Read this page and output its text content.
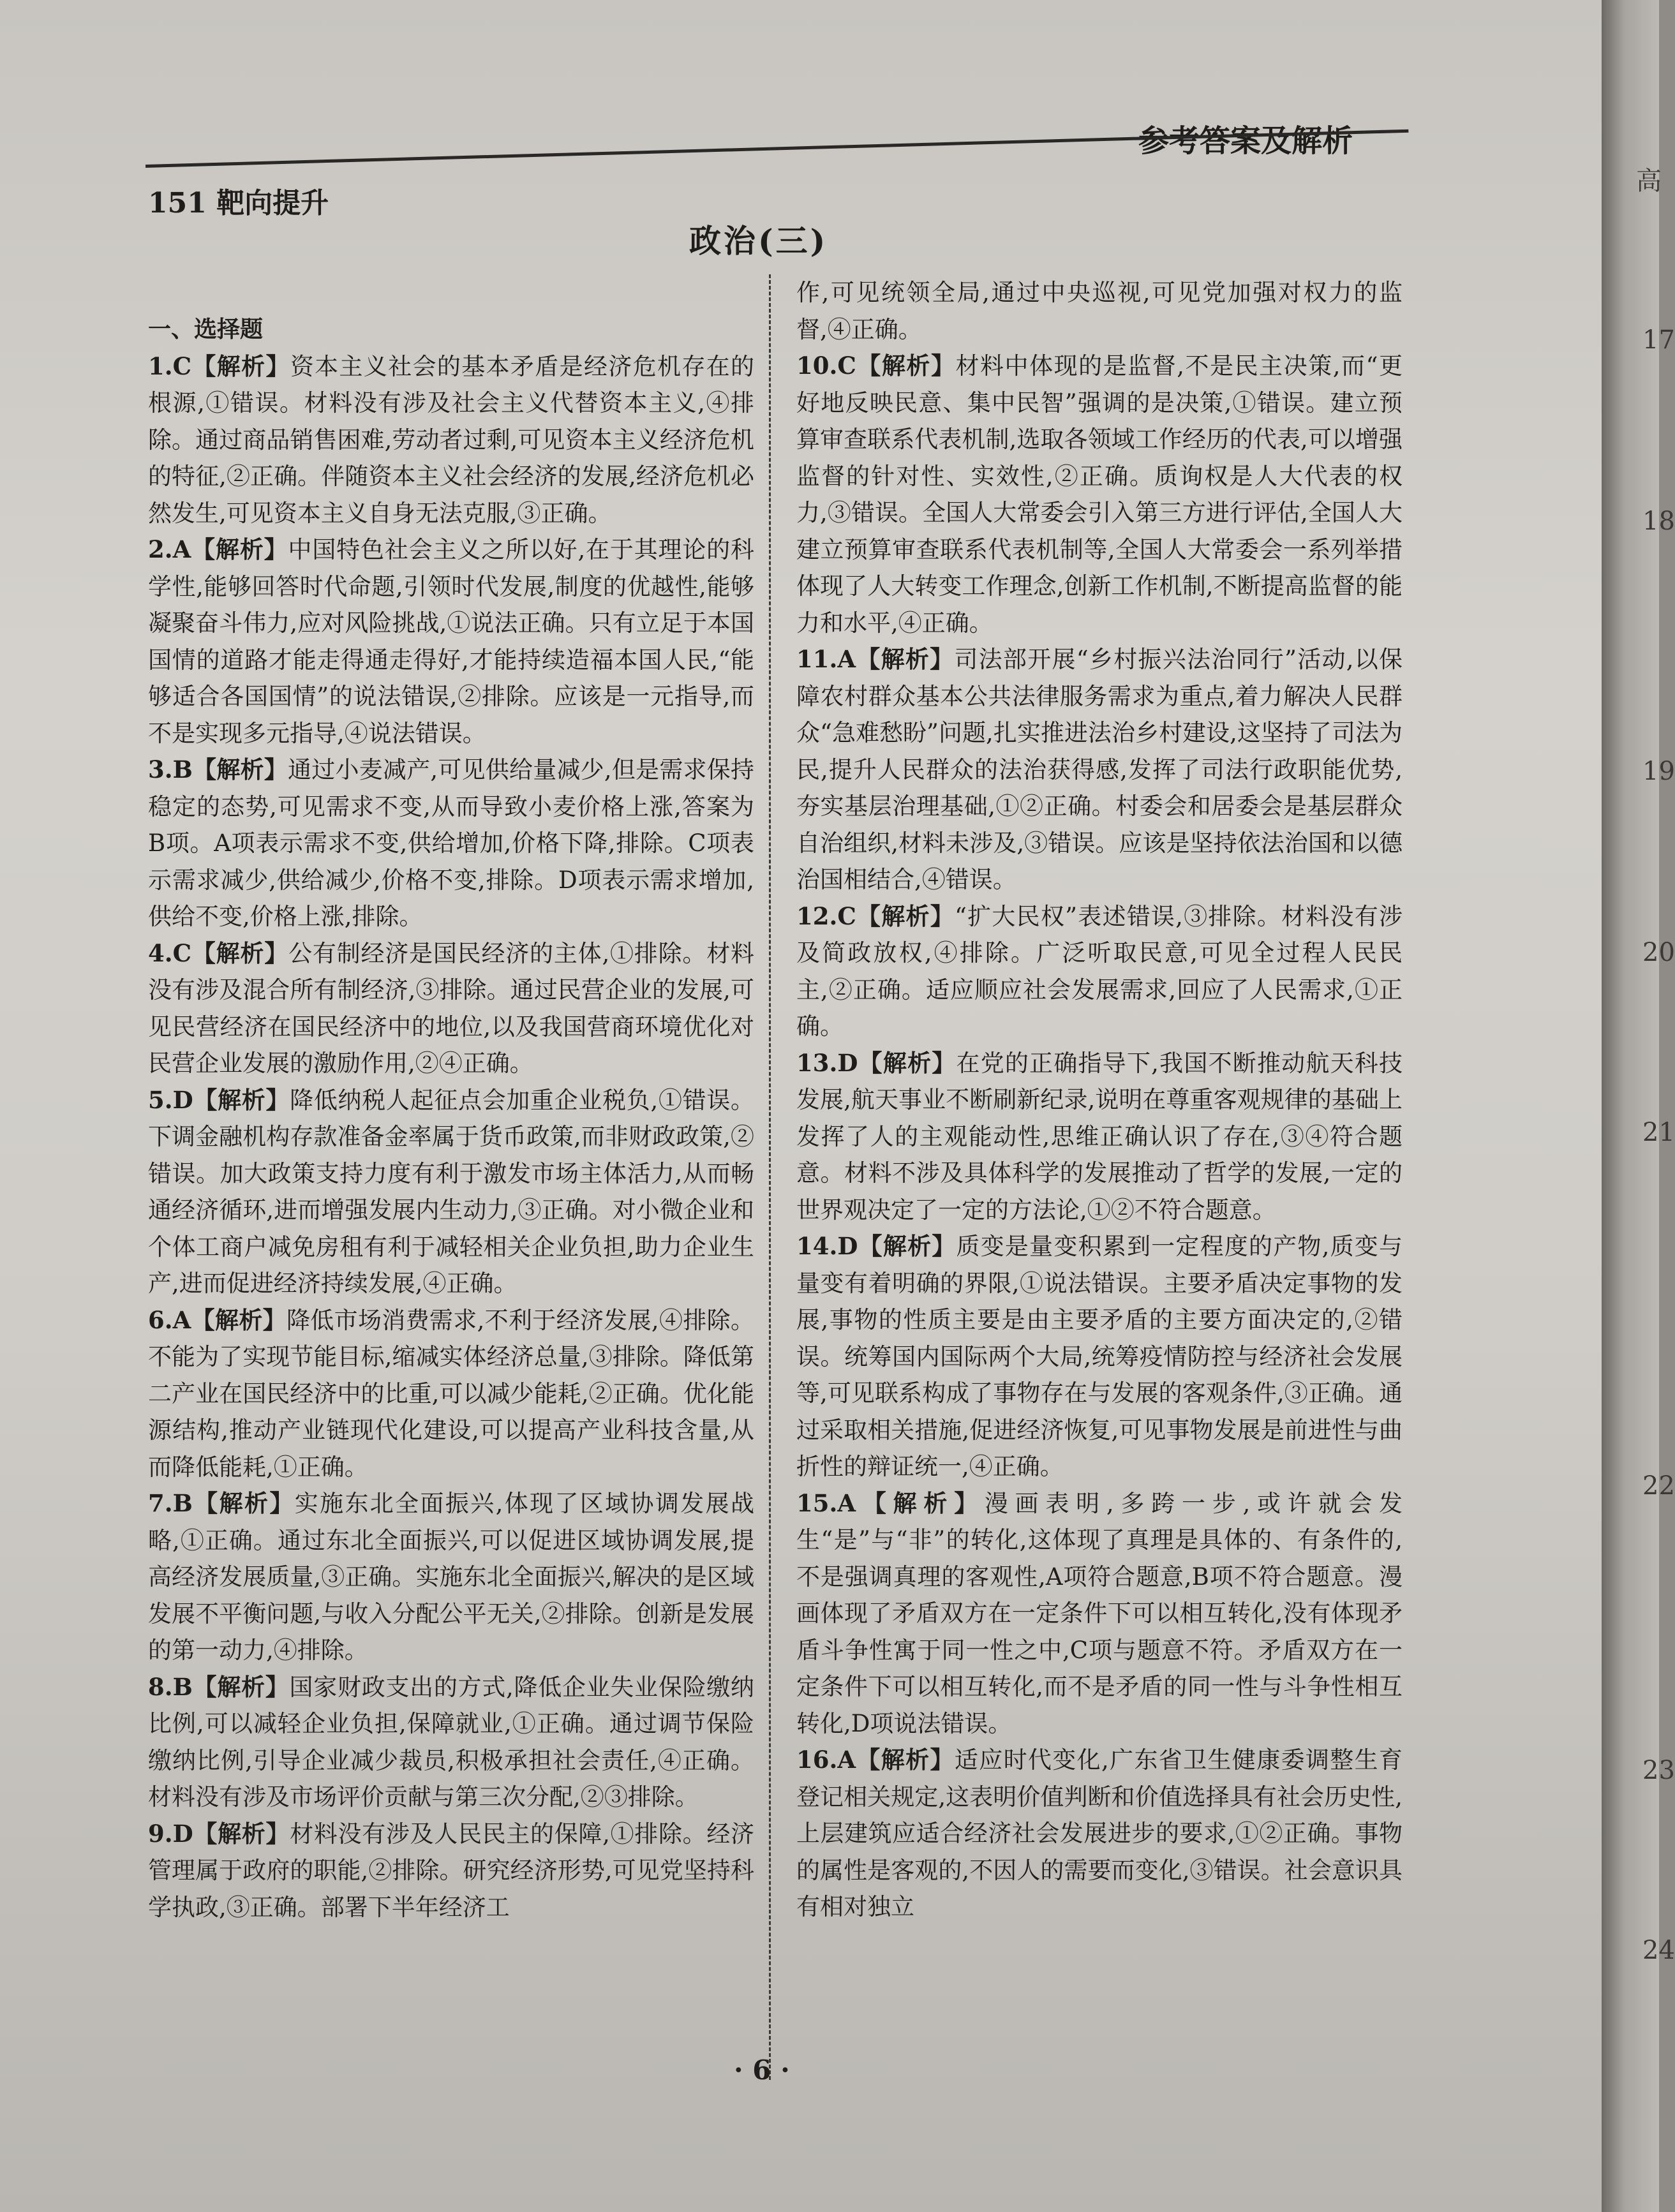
151 靶向提升
参考答案及解析
政治(三)
一、选择题

1.C【解析】资本主义社会的基本矛盾是经济危机存在的根源,①错误。材料没有涉及社会主义代替资本主义,④排除。通过商品销售困难,劳动者过剩,可见资本主义经济危机的特征,②正确。伴随资本主义社会经济的发展,经济危机必然发生,可见资本主义自身无法克服,③正确。

2.A【解析】中国特色社会主义之所以好,在于其理论的科学性,能够回答时代命题,引领时代发展,制度的优越性,能够凝聚奋斗伟力,应对风险挑战,①说法正确。只有立足于本国国情的道路才能走得通走得好,才能持续造福本国人民,“能够适合各国国情”的说法错误,②排除。应该是一元指导,而不是实现多元指导,④说法错误。

3.B【解析】通过小麦减产,可见供给量减少,但是需求保持稳定的态势,可见需求不变,从而导致小麦价格上涨,答案为B项。A项表示需求不变,供给增加,价格下降,排除。C项表示需求减少,供给减少,价格不变,排除。D项表示需求增加,供给不变,价格上涨,排除。

4.C【解析】公有制经济是国民经济的主体,①排除。材料没有涉及混合所有制经济,③排除。通过民营企业的发展,可见民营经济在国民经济中的地位,以及我国营商环境优化对民营企业发展的激励作用,②④正确。

5.D【解析】降低纳税人起征点会加重企业税负,①错误。下调金融机构存款准备金率属于货币政策,而非财政政策,②错误。加大政策支持力度有利于激发市场主体活力,从而畅通经济循环,进而增强发展内生动力,③正确。对小微企业和个体工商户减免房租有利于减轻相关企业负担,助力企业生产,进而促进经济持续发展,④正确。

6.A【解析】降低市场消费需求,不利于经济发展,④排除。不能为了实现节能目标,缩减实体经济总量,③排除。降低第二产业在国民经济中的比重,可以减少能耗,②正确。优化能源结构,推动产业链现代化建设,可以提高产业科技含量,从而降低能耗,①正确。

7.B【解析】实施东北全面振兴,体现了区域协调发展战略,①正确。通过东北全面振兴,可以促进区域协调发展,提高经济发展质量,③正确。实施东北全面振兴,解决的是区域发展不平衡问题,与收入分配公平无关,②排除。创新是发展的第一动力,④排除。

8.B【解析】国家财政支出的方式,降低企业失业保险缴纳比例,可以减轻企业负担,保障就业,①正确。通过调节保险缴纳比例,引导企业减少裁员,积极承担社会责任,④正确。材料没有涉及市场评价贡献与第三次分配,②③排除。

9.D【解析】材料没有涉及人民民主的保障,①排除。经济管理属于政府的职能,②排除。研究经济形势,可见党坚持科学执政,③正确。部署下半年经济工

作,可见统领全局,通过中央巡视,可见党加强对权力的监督,④正确。

10.C【解析】材料中体现的是监督,不是民主决策,而“更好地反映民意、集中民智”强调的是决策,①错误。建立预算审查联系代表机制,选取各领域工作经历的代表,可以增强监督的针对性、实效性,②正确。质询权是人大代表的权力,③错误。全国人大常委会引入第三方进行评估,全国人大建立预算审查联系代表机制等,全国人大常委会一系列举措体现了人大转变工作理念,创新工作机制,不断提高监督的能力和水平,④正确。

11.A【解析】司法部开展“乡村振兴法治同行”活动,以保障农村群众基本公共法律服务需求为重点,着力解决人民群众“急难愁盼”问题,扎实推进法治乡村建设,这坚持了司法为民,提升人民群众的法治获得感,发挥了司法行政职能优势,夯实基层治理基础,①②正确。村委会和居委会是基层群众自治组织,材料未涉及,③错误。应该是坚持依法治国和以德治国相结合,④错误。

12.C【解析】“扩大民权”表述错误,③排除。材料没有涉及简政放权,④排除。广泛听取民意,可见全过程人民民主,②正确。适应顺应社会发展需求,回应了人民需求,①正确。

13.D【解析】在党的正确指导下,我国不断推动航天科技发展,航天事业不断刷新纪录,说明在尊重客观规律的基础上发挥了人的主观能动性,思维正确认识了存在,③④符合题意。材料不涉及具体科学的发展推动了哲学的发展,一定的世界观决定了一定的方法论,①②不符合题意。

14.D【解析】质变是量变积累到一定程度的产物,质变与量变有着明确的界限,①说法错误。主要矛盾决定事物的发展,事物的性质主要是由主要矛盾的主要方面决定的,②错误。统筹国内国际两个大局,统筹疫情防控与经济社会发展等,可见联系构成了事物存在与发展的客观条件,③正确。通过采取相关措施,促进经济恢复,可见事物发展是前进性与曲折性的辩证统一,④正确。

15.A【解析】漫画表明,多跨一步,或许就会发生“是”与“非”的转化,这体现了真理是具体的、有条件的,不是强调真理的客观性,A项符合题意,B项不符合题意。漫画体现了矛盾双方在一定条件下可以相互转化,没有体现矛盾斗争性寓于同一性之中,C项与题意不符。矛盾双方在一定条件下可以相互转化,而不是矛盾的同一性与斗争性相互转化,D项说法错误。

16.A【解析】适应时代变化,广东省卫生健康委调整生育登记相关规定,这表明价值判断和价值选择具有社会历史性,上层建筑应适合经济社会发展进步的要求,①②正确。事物的属性是客观的,不因人的需要而变化,③错误。社会意识具有相对独立

· 6 ·
高
17
18
19
20
21
22
23
24
